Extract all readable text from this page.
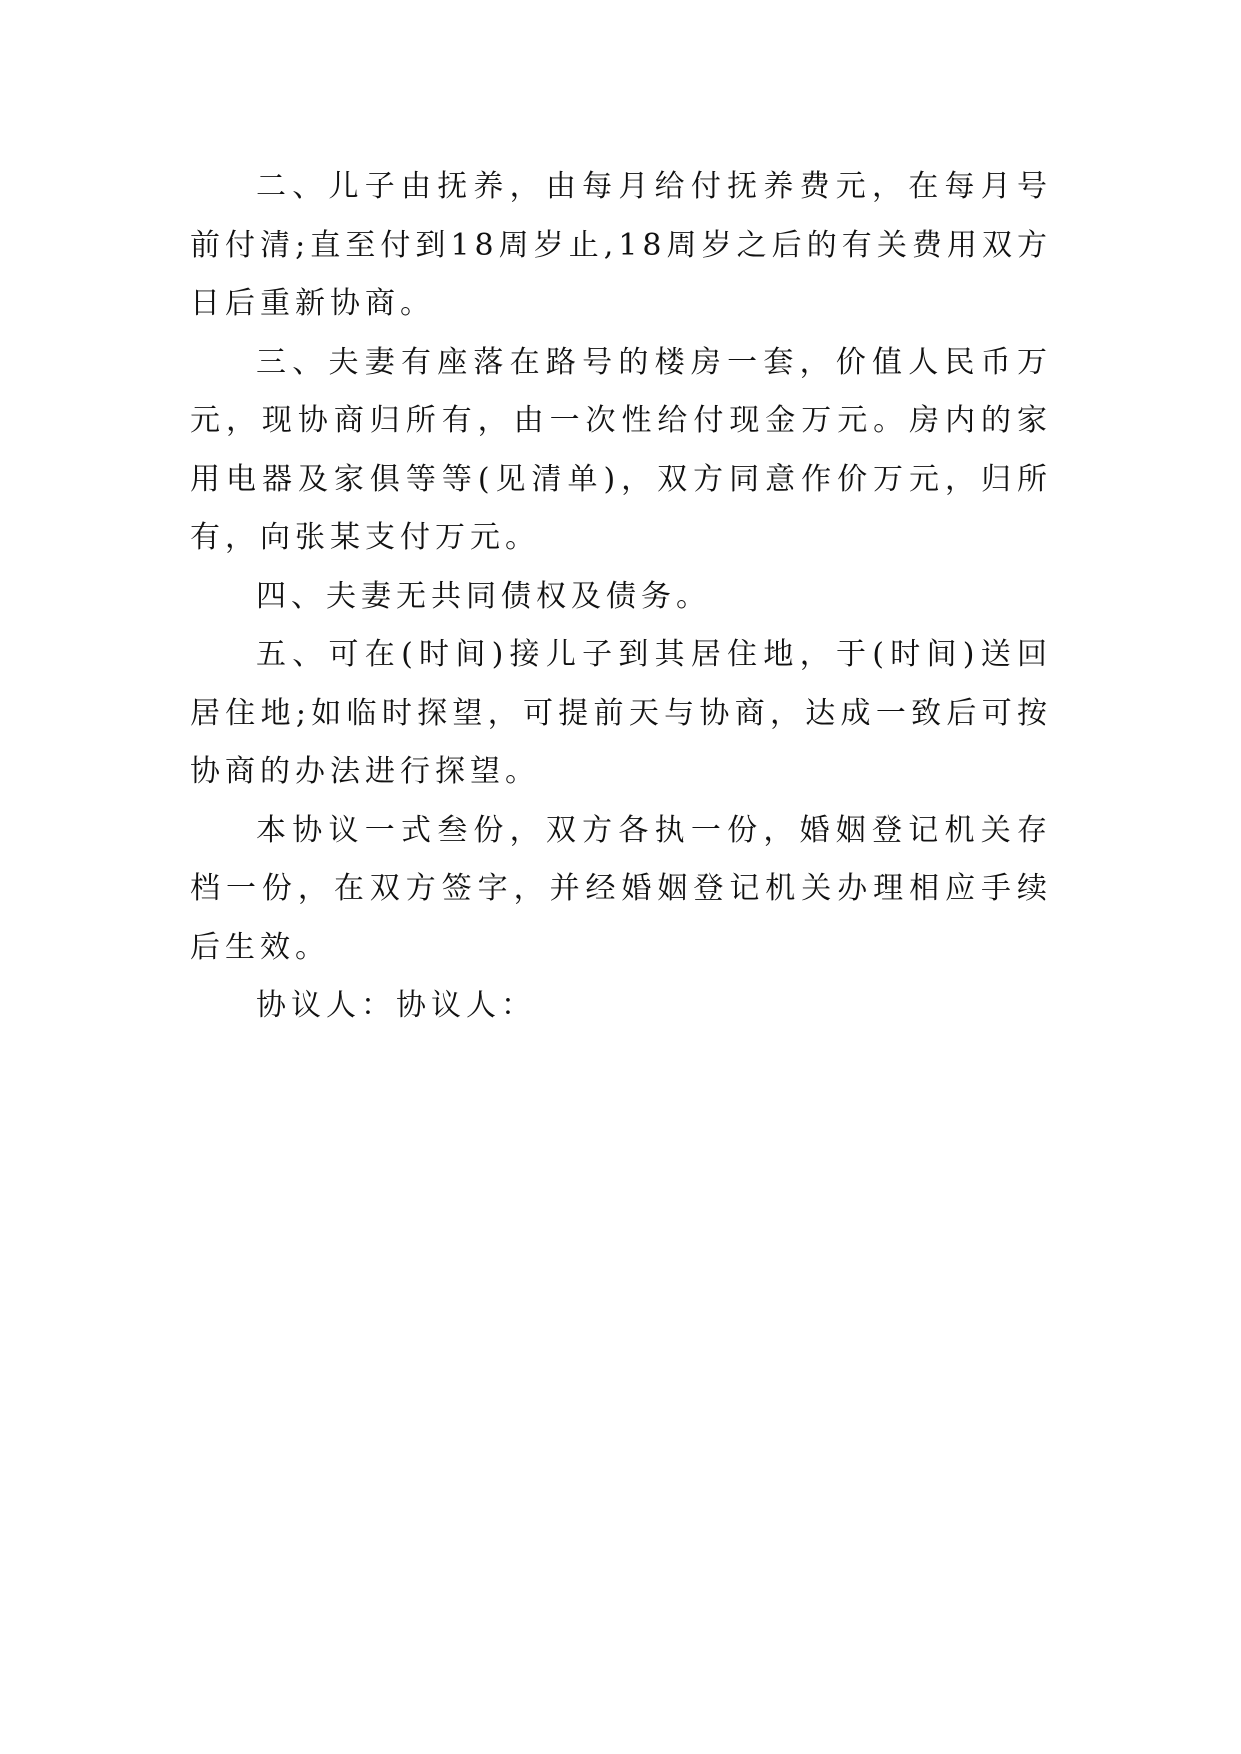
二、儿子由抚养，由每月给付抚养费元，在每月号前付清;直至付到18周岁止,18周岁之后的有关费用双方日后重新协商。

三、夫妻有座落在路号的楼房一套，价值人民币万元，现协商归所有，由一次性给付现金万元。房内的家用电器及家俱等等(见清单)，双方同意作价万元，归所有，向张某支付万元。

四、夫妻无共同债权及债务。

五、可在(时间)接儿子到其居住地，于(时间)送回居住地;如临时探望，可提前天与协商，达成一致后可按协商的办法进行探望。

本协议一式叁份，双方各执一份，婚姻登记机关存档一份，在双方签字，并经婚姻登记机关办理相应手续后生效。

协议人：协议人：
